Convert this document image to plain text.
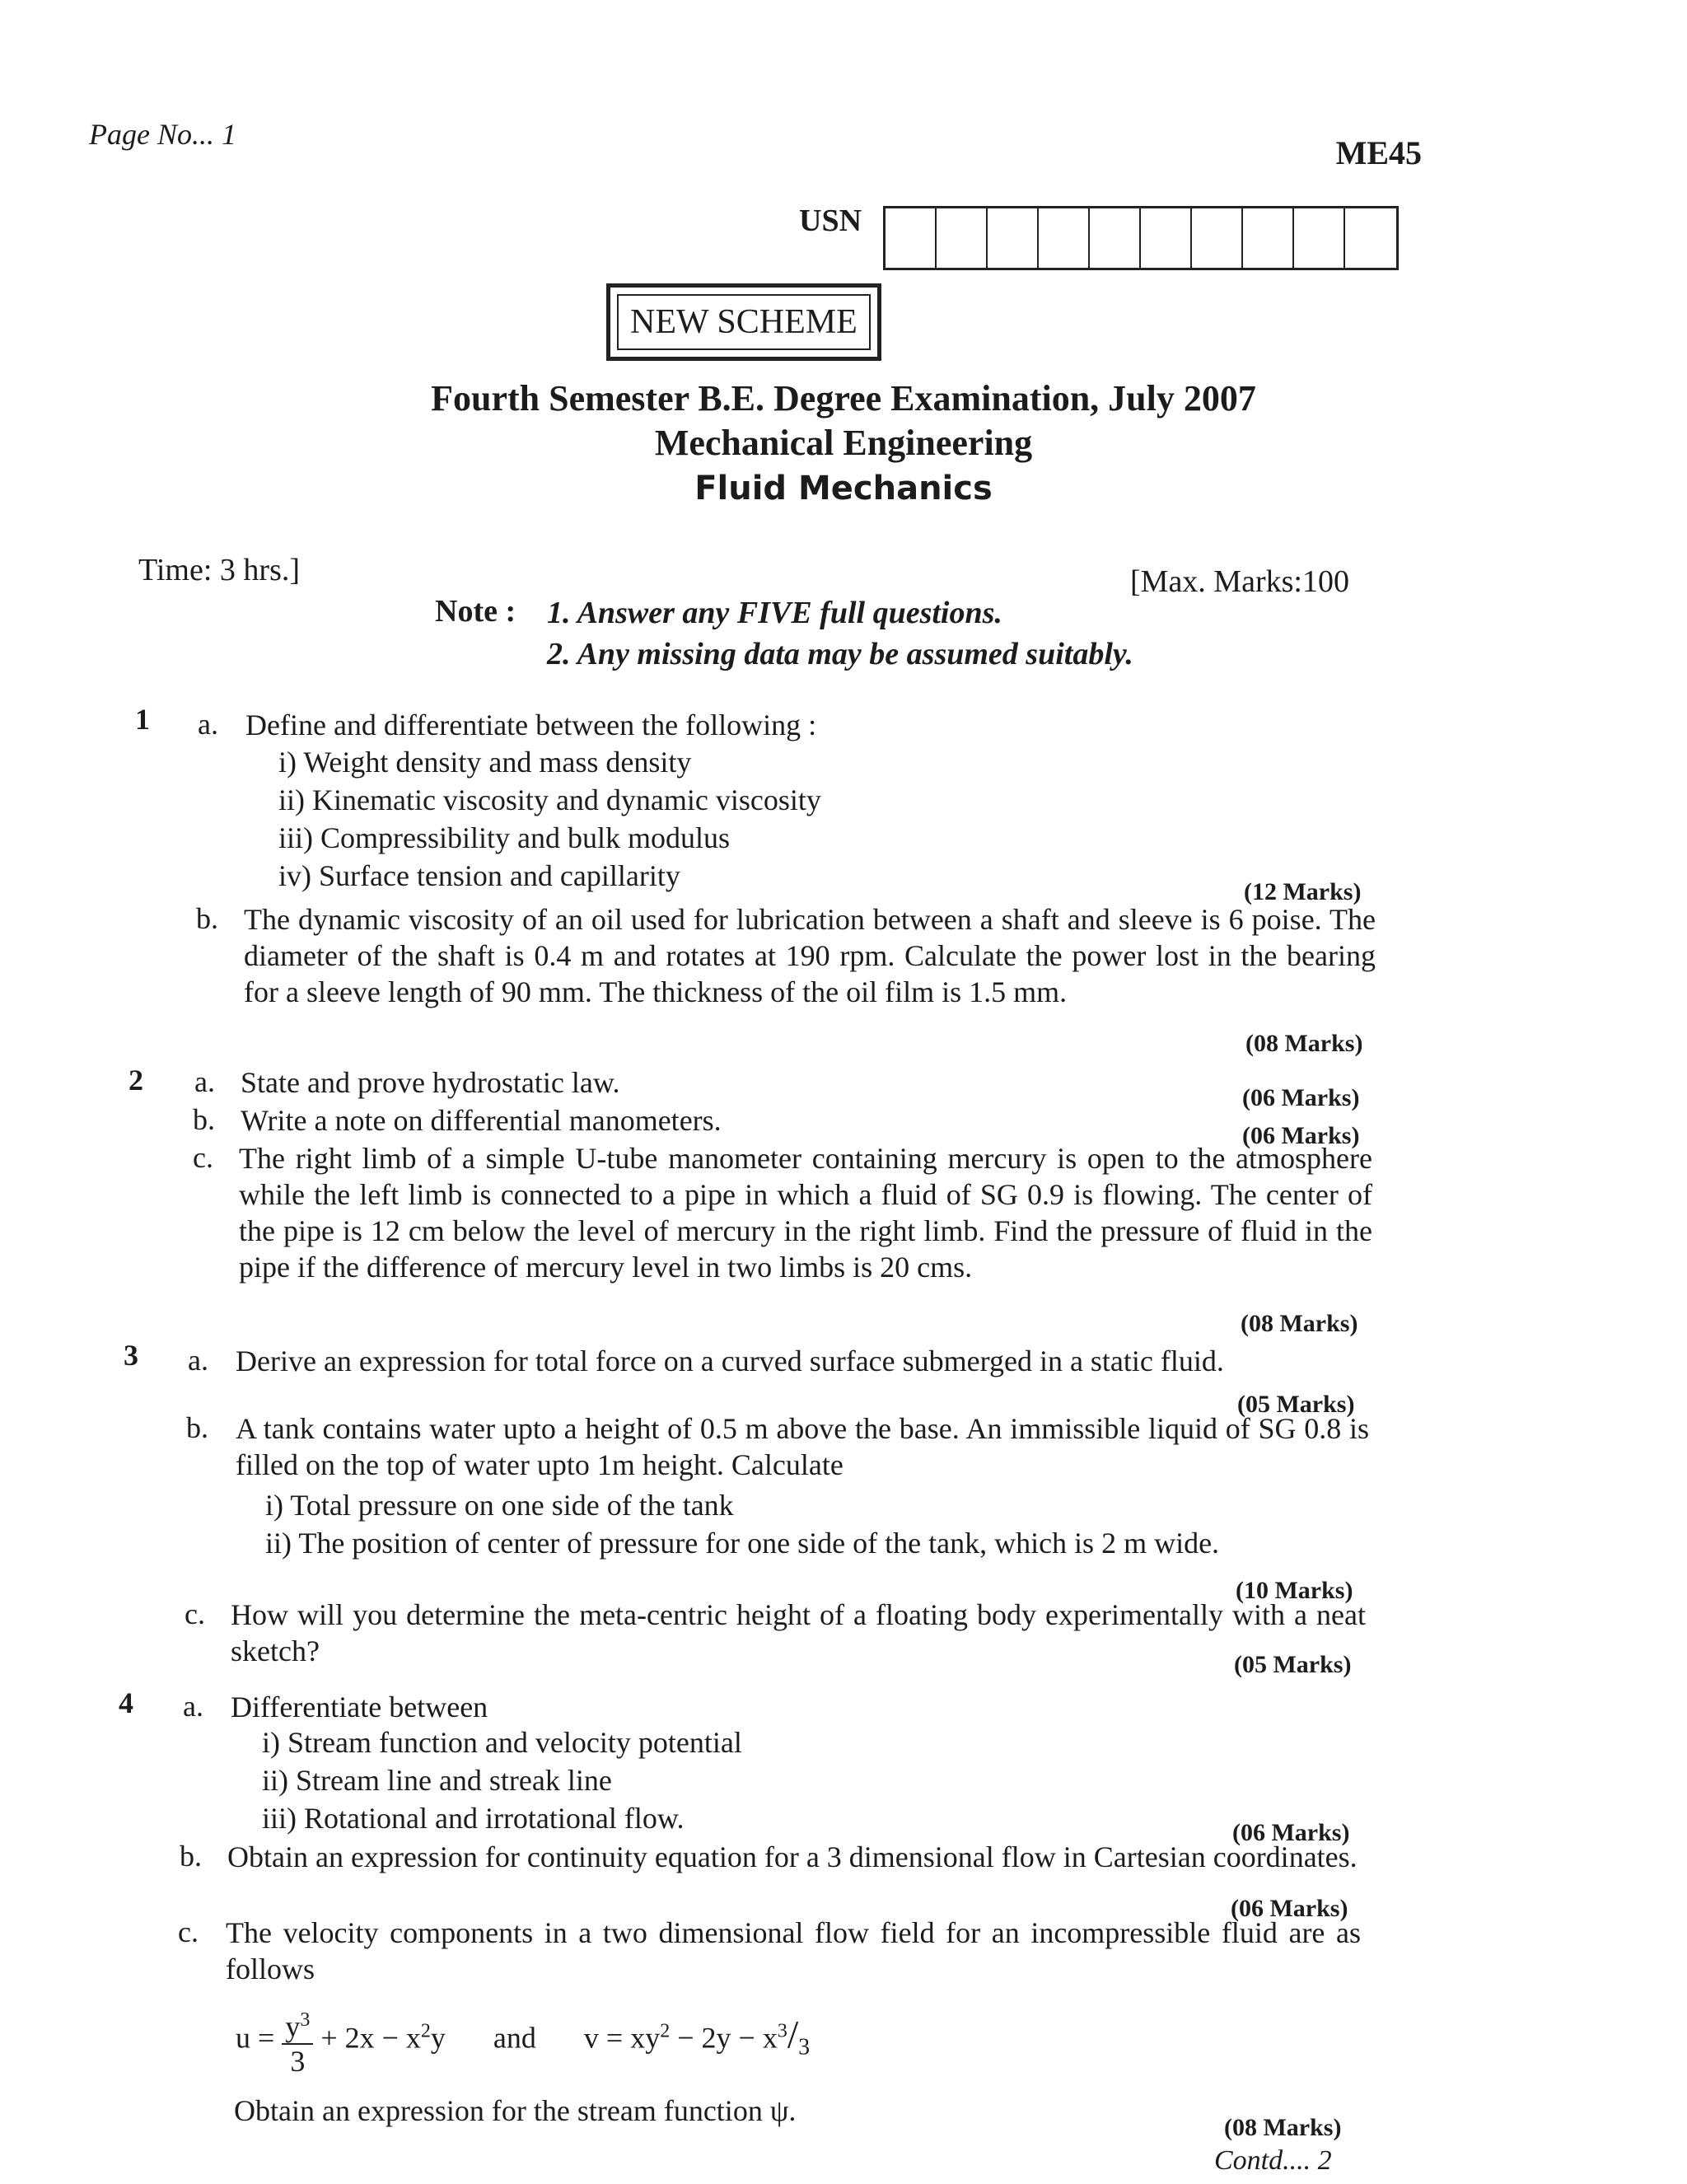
Page No... 1	ME45
USN
NEW SCHEME
Fourth Semester B.E. Degree Examination, July 2007
Mechanical Engineering
Fluid Mechanics
Time: 3 hrs.]	[Max. Marks:100
Note : 1. Answer any FIVE full questions.
2. Any missing data may be assumed suitably.
1 a. Define and differentiate between the following :
i) Weight density and mass density
ii) Kinematic viscosity and dynamic viscosity
iii) Compressibility and bulk modulus
iv) Surface tension and capillarity	(12 Marks)
b. The dynamic viscosity of an oil used for lubrication between a shaft and sleeve is 6 poise. The diameter of the shaft is 0.4 m and rotates at 190 rpm. Calculate the power lost in the bearing for a sleeve length of 90 mm. The thickness of the oil film is 1.5 mm.
(08 Marks)
2 a. State and prove hydrostatic law.	(06 Marks)
b. Write a note on differential manometers.	(06 Marks)
c. The right limb of a simple U-tube manometer containing mercury is open to the atmosphere while the left limb is connected to a pipe in which a fluid of SG 0.9 is flowing. The center of the pipe is 12 cm below the level of mercury in the right limb. Find the pressure of fluid in the pipe if the difference of mercury level in two limbs is 20 cms.
(08 Marks)
3 a. Derive an expression for total force on a curved surface submerged in a static fluid.
(05 Marks)
b. A tank contains water upto a height of 0.5 m above the base. An immissible liquid of SG 0.8 is filled on the top of water upto 1m height. Calculate
i) Total pressure on one side of the tank
ii) The position of center of pressure for one side of the tank, which is 2 m wide.
(10 Marks)
c. How will you determine the meta-centric height of a floating body experimentally with a neat sketch?	(05 Marks)
4 a. Differentiate between
i) Stream function and velocity potential
ii) Stream line and streak line
iii) Rotational and irrotational flow.	(06 Marks)
b. Obtain an expression for continuity equation for a 3 dimensional flow in Cartesian coordinates.
(06 Marks)
c. The velocity components in a two dimensional flow field for an incompressible fluid are as follows
$u = \frac{y^3}{3} + 2x - x^2y$ and $v = xy^2 - 2y - x^3/_3$
Obtain an expression for the stream function ψ.
(08 Marks)
Contd.... 2
